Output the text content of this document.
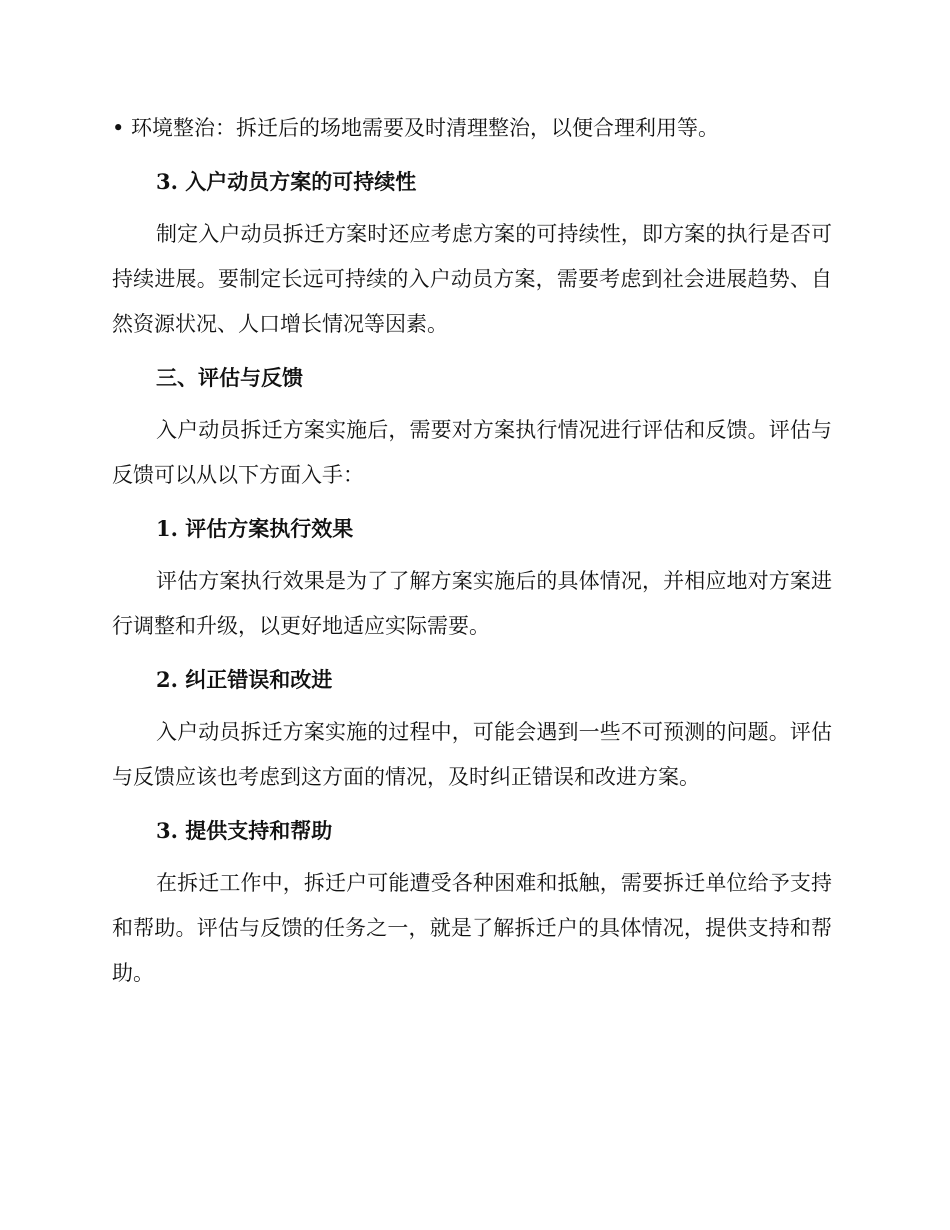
• 环境整治：拆迁后的场地需要及时清理整治，以便合理利用等。

3. 入户动员方案的可持续性

制定入户动员拆迁方案时还应考虑方案的可持续性，即方案的执行是否可持续进展。要制定长远可持续的入户动员方案，需要考虑到社会进展趋势、自然资源状况、人口增长情况等因素。

三、评估与反馈

入户动员拆迁方案实施后，需要对方案执行情况进行评估和反馈。评估与反馈可以从以下方面入手：

1. 评估方案执行效果

评估方案执行效果是为了了解方案实施后的具体情况，并相应地对方案进行调整和升级，以更好地适应实际需要。

2. 纠正错误和改进

入户动员拆迁方案实施的过程中，可能会遇到一些不可预测的问题。评估与反馈应该也考虑到这方面的情况，及时纠正错误和改进方案。

3. 提供支持和帮助

在拆迁工作中，拆迁户可能遭受各种困难和抵触，需要拆迁单位给予支持和帮助。评估与反馈的任务之一，就是了解拆迁户的具体情况，提供支持和帮助。
